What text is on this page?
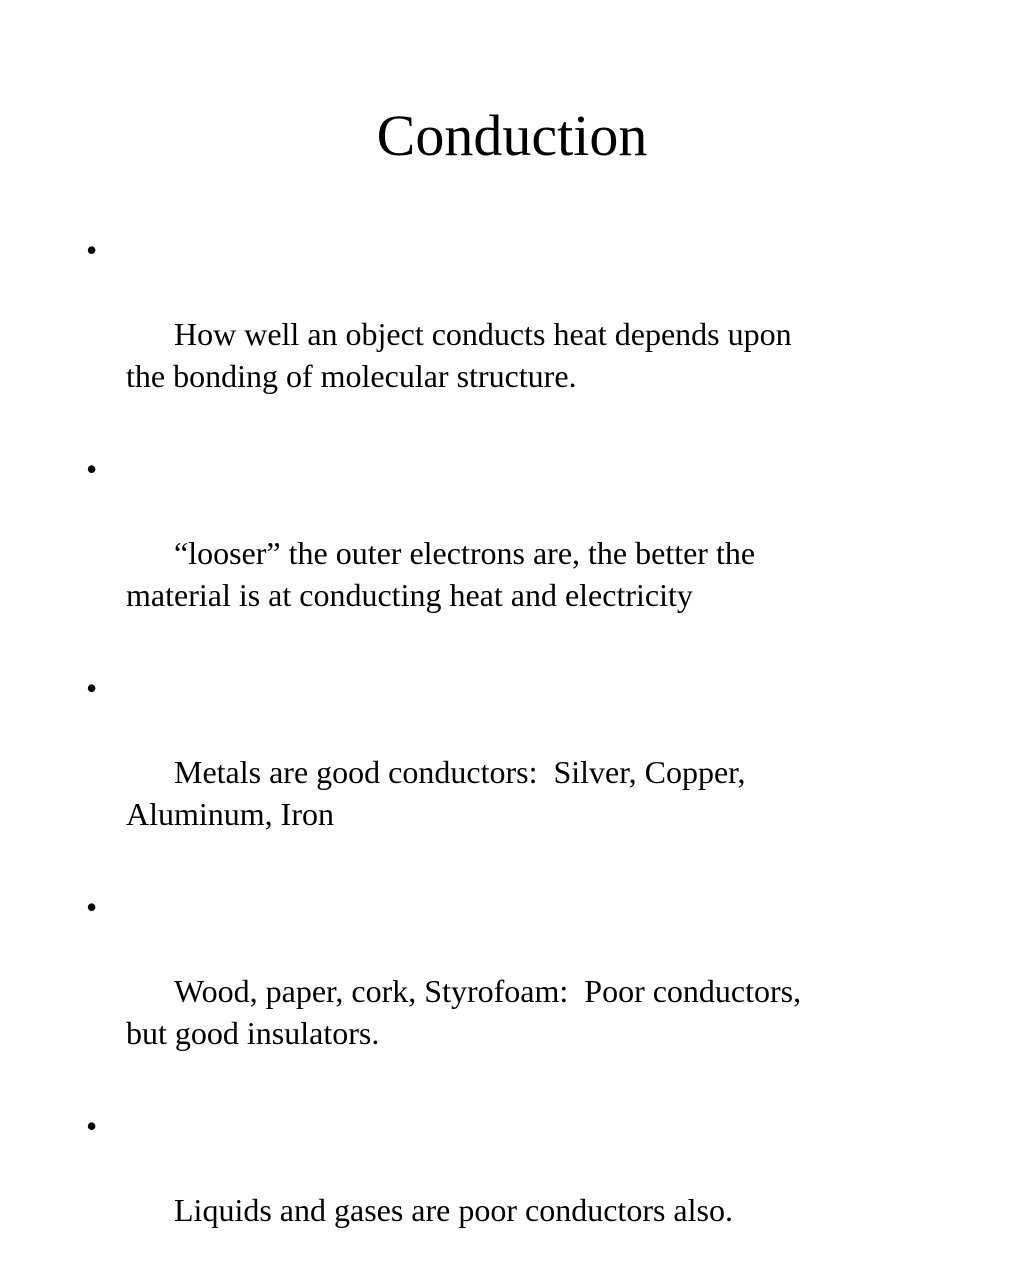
Conduction

•

How well an object conducts heat depends upon
the bonding of molecular structure.

•

“looser” the outer electrons are, the better the
material is at conducting heat and electricity

•

Metals are good conductors:  Silver, Copper,
Aluminum, Iron

•

Wood, paper, cork, Styrofoam:  Poor conductors,
but good insulators.

•

Liquids and gases are poor conductors also.
